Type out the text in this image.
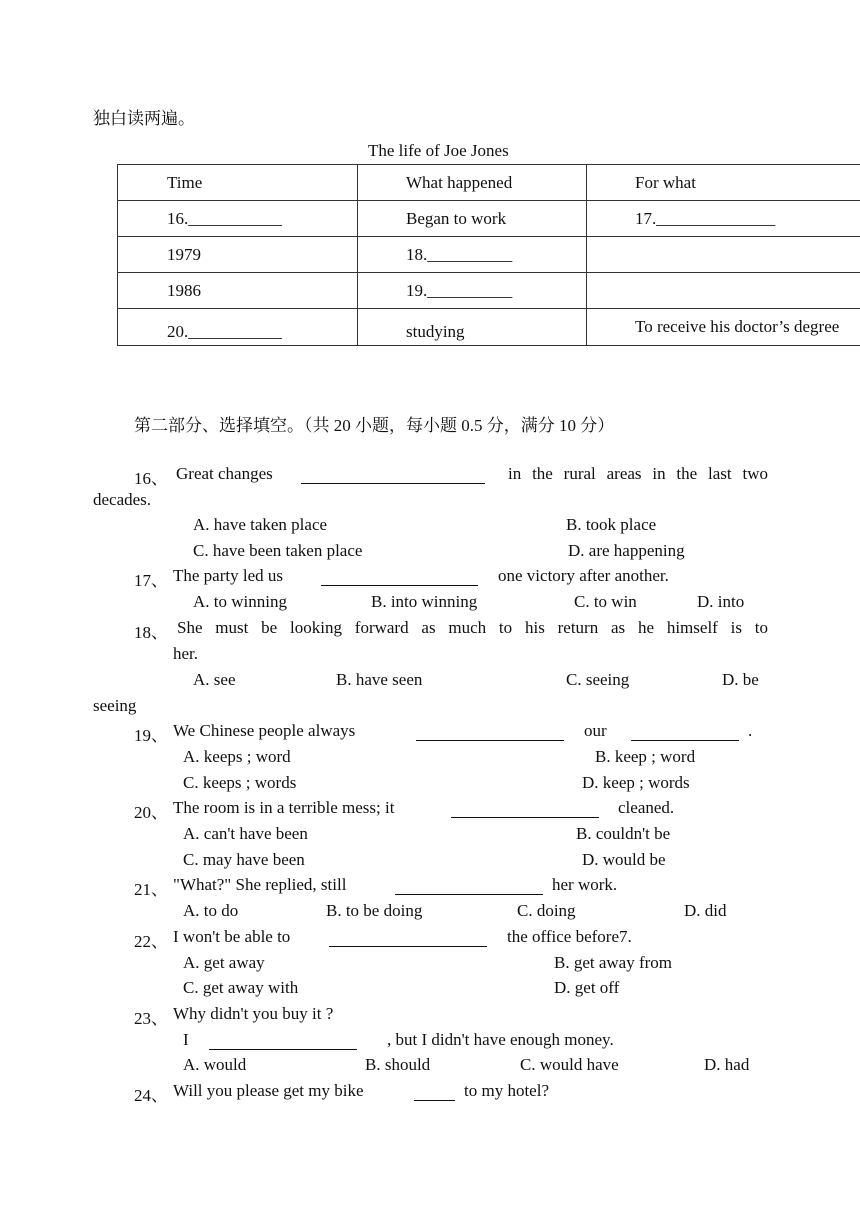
独白读两遍。
The life of Joe Jones
Time	What happened	For what
16.___________	Began to work	17.______________
1979	18.__________	
1986	19.__________	

20.___________	studying	To receive his doctor’s degree
第二部分、选择填空。（共 20 小题，每小题 0.5 分，满分 10 分）
16、 Great changes	in the rural areas in the last two
decades.
A. have taken place	B. took place
C. have been taken place	D. are happening
17、 The party led us	one victory after another.
A. to winning	B. into winning	C. to win	D. into
18、 She must be looking forward as much to his return as he himself is to
her.
A. see	B. have seen	C. seeing	D. be
seeing
19、 We Chinese people always	our	.
A. keeps ; word	B. keep ; word
C. keeps ; words	D. keep ; words
20、 The room is in a terrible mess; it	cleaned.
A. can't have been	B. couldn't be
C. may have been	D. would be
21、 "What?" She replied, still	her work.
A. to do	B. to be doing	C. doing	D. did
22、 I won't be able to	the office before7.
A. get away	B. get away from
C. get away with	D. get off
23、 Why didn't you buy it ?
I	, but I didn't have enough money.
A. would	B. should	C. would have	D. had
24、 Will you please get my bike	to my hotel?
